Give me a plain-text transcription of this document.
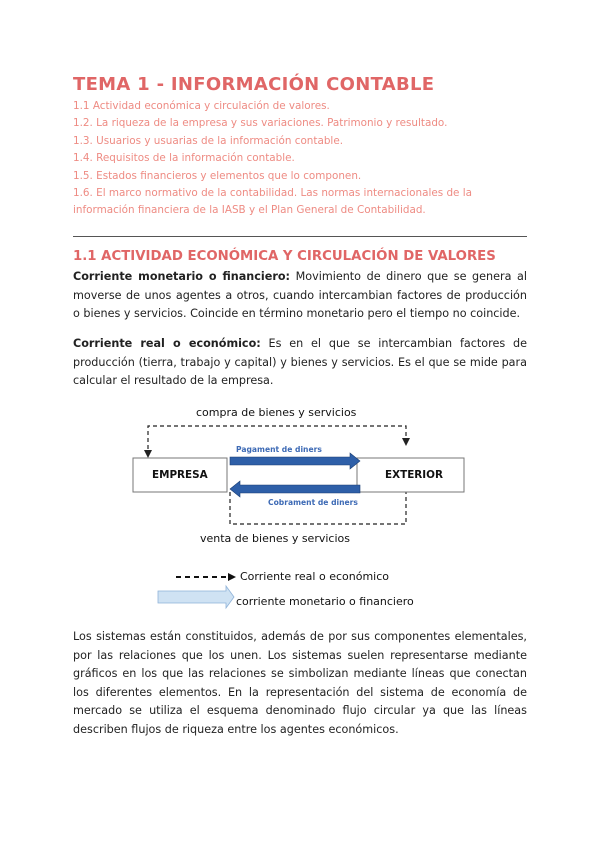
TEMA 1 - INFORMACIÓN CONTABLE
1.1 Actividad económica y circulación de valores.
1.2. La riqueza de la empresa y sus variaciones. Patrimonio y resultado.
1.3. Usuarios y usuarias de la información contable.
1.4. Requisitos de la información contable.
1.5. Estados financieros y elementos que lo componen.
1.6. El marco normativo de la contabilidad. Las normas internacionales de la información financiera de la IASB y el Plan General de Contabilidad.
1.1 ACTIVIDAD ECONÓMICA Y CIRCULACIÓN DE VALORES

Corriente monetario o financiero: Movimiento de dinero que se genera al moverse de unos agentes a otros, cuando intercambian factores de producción o bienes y servicios. Coincide en término monetario pero el tiempo no coincide.

Corriente real o económico: Es en el que se intercambian factores de producción (tierra, trabajo y capital) y bienes y servicios. Es el que se mide para calcular el resultado de la empresa.

compra de bienes y servicios
venta de bienes y servicios
EMPRESA	EXTERIOR
Pagament de diners
Cobrament de diners
Corriente real o económico
corriente monetario o financiero

Los sistemas están constituidos, además de por sus componentes elementales, por las relaciones que los unen. Los sistemas suelen representarse mediante gráficos en los que las relaciones se simbolizan mediante líneas que conectan los diferentes elementos. En la representación del sistema de economía de mercado se utiliza el esquema denominado flujo circular ya que las líneas describen flujos de riqueza entre los agentes económicos.
